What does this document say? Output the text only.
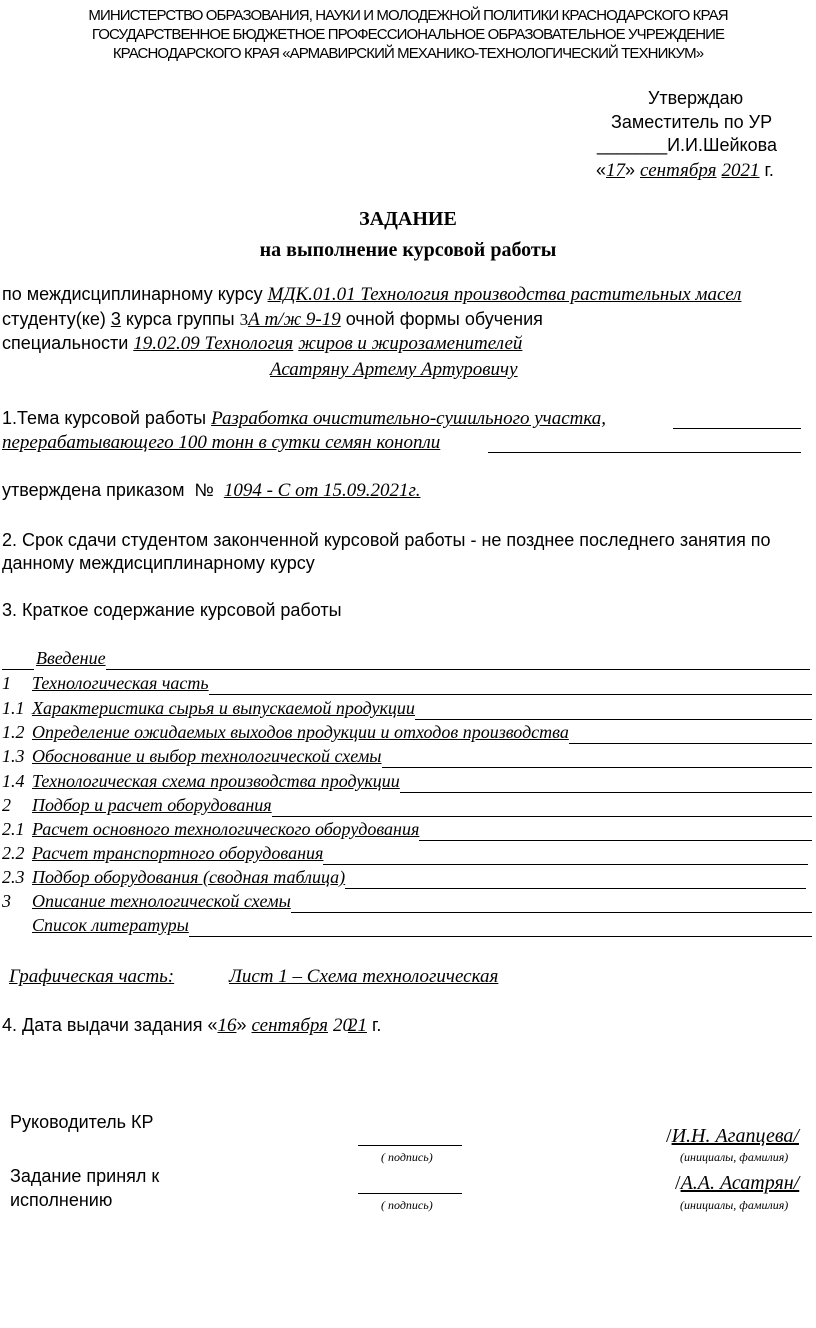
МИНИСТЕРСТВО ОБРАЗОВАНИЯ, НАУКИ И МОЛОДЕЖНОЙ ПОЛИТИКИ КРАСНОДАРСКОГО КРАЯ
ГОСУДАРСТВЕННОЕ БЮДЖЕТНОЕ ПРОФЕССИОНАЛЬНОЕ ОБРАЗОВАТЕЛЬНОЕ УЧРЕЖДЕНИЕ
КРАСНОДАРСКОГО КРАЯ «АРМАВИРСКИЙ МЕХАНИКО-ТЕХНОЛОГИЧЕСКИЙ ТЕХНИКУМ»
Утверждаю
Заместитель по УР
_______И.И.Шейкова
«17» сентября 2021 г.
ЗАДАНИЕ
на выполнение курсовой работы
по междисциплинарному курсу МДК.01.01 Технология производства растительных масел
студенту(ке) 3 курса группы 3А т/ж 9-19 очной формы обучения
специальности 19.02.09 Технология жиров и жирозаменителей
Асатряну Артему Артуровичу
1.Тема курсовой работы Разработка очистительно-сушильного участка,
перерабатывающего 100 тонн в сутки семян конопли
утверждена приказом № 1094 - С от 15.09.2021г.
2. Срок сдачи студентом законченной курсовой работы - не позднее последнего занятия по
данному междисциплинарному курсу
3. Краткое содержание курсовой работы
Введение
1 Технологическая часть
1.1 Характеристика сырья и выпускаемой продукции
1.2 Определение ожидаемых выходов продукции и отходов производства
1.3 Обоснование и выбор технологической схемы
1.4 Технологическая схема производства продукции
2 Подбор и расчет оборудования
2.1 Расчет основного технологического оборудования
2.2 Расчет транспортного оборудования
2.3 Подбор оборудования (сводная таблица)
3 Описание технологической схемы
Список литературы
Графическая часть:	Лист 1 – Схема технологическая
4. Дата выдачи задания «16» сентября 2021 г.
Руководитель КР
( подпись)
/И.Н. Агапцева/
(инициалы, фамилия)
Задание принял к
исполнению	( подпись)
/А.А. Асатрян/
(инициалы, фамилия)
